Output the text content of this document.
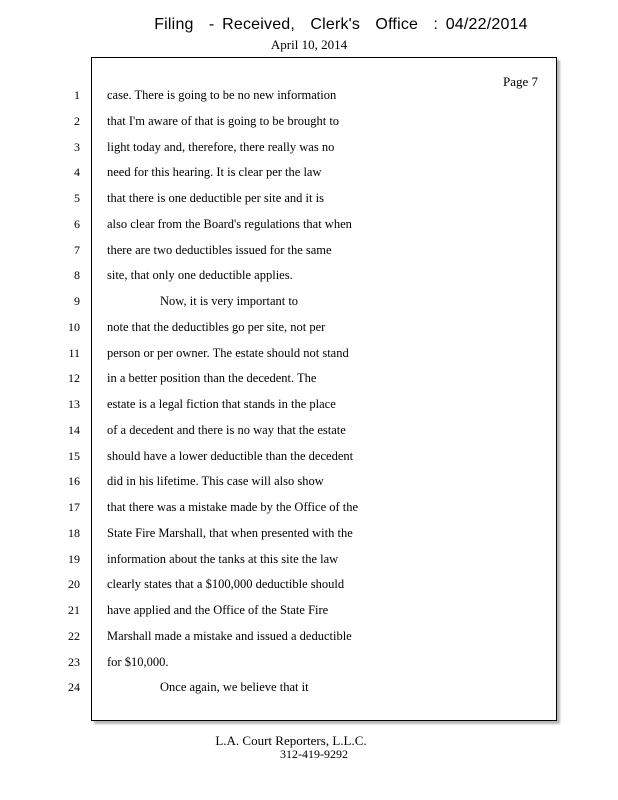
Filing  - Received,  Clerk's  Office  : 04/22/2014
April 10, 2014
Page 7
1
2
3
4
5
6
7
8
9
10
11
12
13
14
15
16
17
18
19
20
21
22
23
24
case. There is going to be no new information
that I'm aware of that is going to be brought to
light today and, therefore, there really was no
need for this hearing. It is clear per the law
that there is one deductible per site and it is
also clear from the Board's regulations that when
there are two deductibles issued for the same
site, that only one deductible applies.
Now, it is very important to
note that the deductibles go per site, not per
person or per owner. The estate should not stand
in a better position than the decedent. The
estate is a legal fiction that stands in the place
of a decedent and there is no way that the estate
should have a lower deductible than the decedent
did in his lifetime. This case will also show
that there was a mistake made by the Office of the
State Fire Marshall, that when presented with the
information about the tanks at this site the law
clearly states that a $100,000 deductible should
have applied and the Office of the State Fire
Marshall made a mistake and issued a deductible
for $10,000.
Once again, we believe that it
L.A. Court Reporters, L.L.C.
312-419-9292
